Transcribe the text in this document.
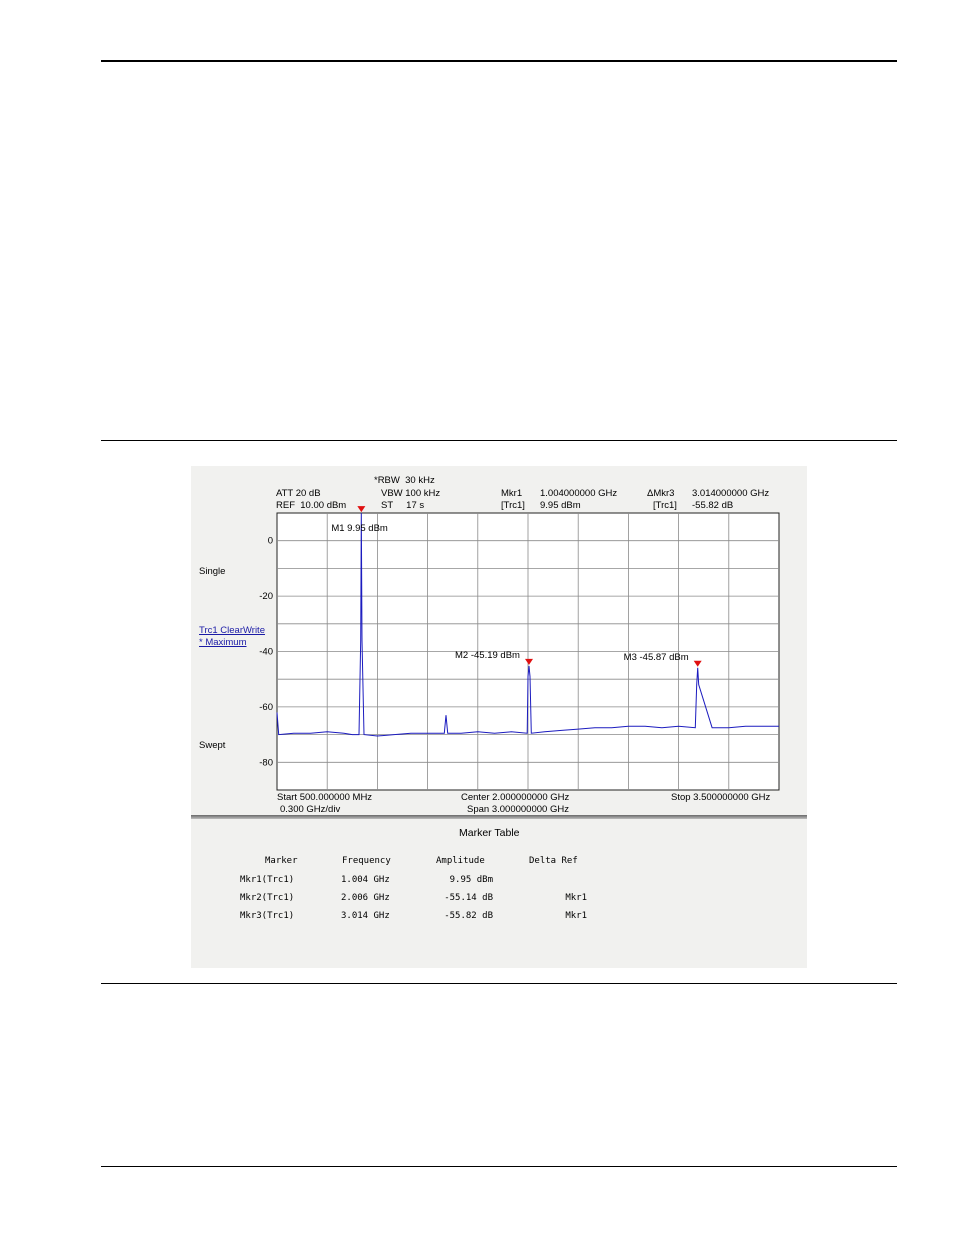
*RBW  30 kHz
ATT 20 dB	VBW 100 kHz
REF  10.00 dBm	ST     17 s
Mkr1 1.004000000 GHz
[Trc1] 9.95 dBm
ΔMkr3 3.014000000 GHz
[Trc1] -55.82 dB
Single
Trc1 ClearWrite
* Maximum
Swept
0
-20
-40
-60
-80
M1 9.95 dBm
M2 -45.19 dBm	M3 -45.87 dBm
Start 500.000000 MHz
0.300 GHz/div
Center 2.000000000 GHz
Span 3.000000000 GHz
Stop 3.500000000 GHz
Marker Table
Marker	Frequency	Amplitude	Delta Ref
Mkr1(Trc1)	1.004 GHz	9.95 dBm
Mkr2(Trc1)	2.006 GHz	-55.14 dB	Mkr1
Mkr3(Trc1)	3.014 GHz	-55.82 dB	Mkr1
